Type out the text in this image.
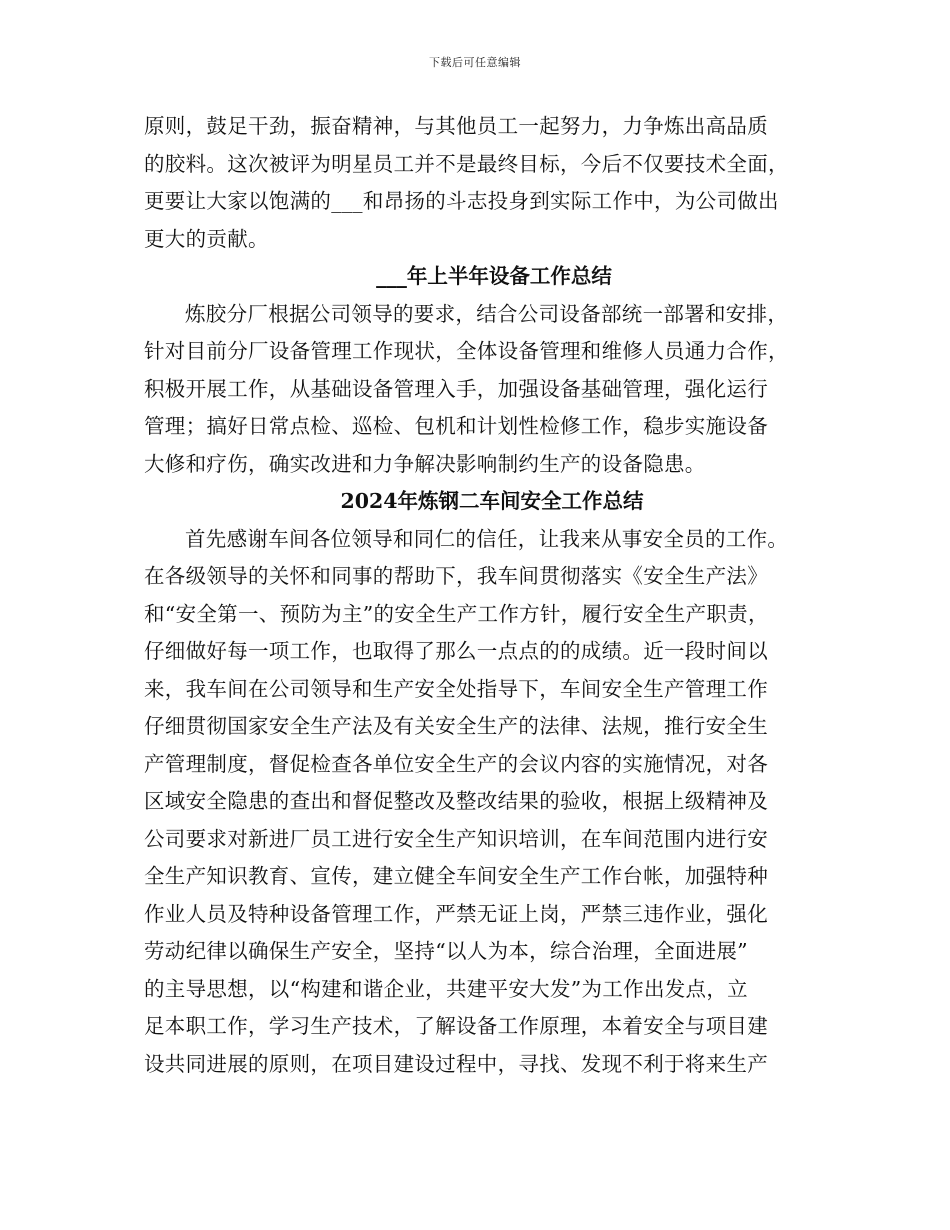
下载后可任意编辑
原则，鼓足干劲，振奋精神，与其他员工一起努力，力争炼出高品质
的胶料。这次被评为明星员工并不是最终目标，今后不仅要技术全面，
更要让大家以饱满的___和昂扬的斗志投身到实际工作中，为公司做出
更大的贡献。
___年上半年设备工作总结
炼胶分厂根据公司领导的要求，结合公司设备部统一部署和安排，
针对目前分厂设备管理工作现状，全体设备管理和维修人员通力合作，
积极开展工作，从基础设备管理入手，加强设备基础管理，强化运行
管理；搞好日常点检、巡检、包机和计划性检修工作，稳步实施设备
大修和疗伤，确实改进和力争解决影响制约生产的设备隐患。
2024年炼钢二车间安全工作总结
首先感谢车间各位领导和同仁的信任，让我来从事安全员的工作。
在各级领导的关怀和同事的帮助下，我车间贯彻落实《安全生产法》
和“安全第一、预防为主”的安全生产工作方针，履行安全生产职责，
仔细做好每一项工作，也取得了那么一点点的的成绩。近一段时间以
来，我车间在公司领导和生产安全处指导下，车间安全生产管理工作
仔细贯彻国家安全生产法及有关安全生产的法律、法规，推行安全生
产管理制度，督促检查各单位安全生产的会议内容的实施情况，对各
区域安全隐患的查出和督促整改及整改结果的验收，根据上级精神及
公司要求对新进厂员工进行安全生产知识培训，在车间范围内进行安
全生产知识教育、宣传，建立健全车间安全生产工作台帐，加强特种
作业人员及特种设备管理工作，严禁无证上岗，严禁三违作业，强化
劳动纪律以确保生产安全，坚持“以人为本，综合治理，全面进展”
的主导思想，以“构建和谐企业，共建平安大发”为工作出发点，立
足本职工作，学习生产技术，了解设备工作原理，本着安全与项目建
设共同进展的原则，在项目建设过程中，寻找、发现不利于将来生产
